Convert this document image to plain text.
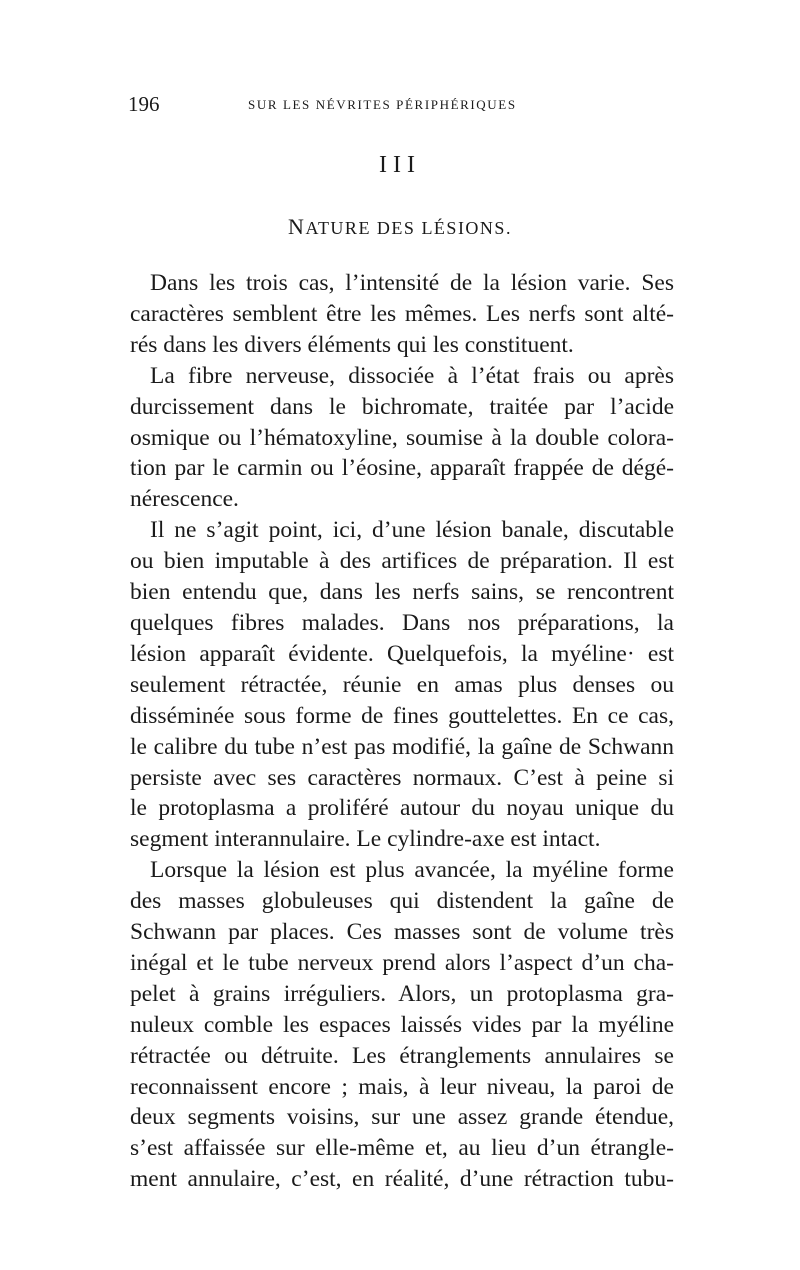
196	SUR LES NÉVRITES PÉRIPHÉRIQUES
III
NATURE DES LÉSIONS.

Dans les trois cas, l’intensité de la lésion varie. Ses
caractères semblent être les mêmes. Les nerfs sont alté-
rés dans les divers éléments qui les constituent.

La fibre nerveuse, dissociée à l’état frais ou après
durcissement dans le bichromate, traitée par l’acide
osmique ou l’hématoxyline, soumise à la double colora-
tion par le carmin ou l’éosine, apparaît frappée de dégé-
nérescence.

Il ne s’agit point, ici, d’une lésion banale, discutable
ou bien imputable à des artifices de préparation. Il est
bien entendu que, dans les nerfs sains, se rencontrent
quelques fibres malades. Dans nos préparations, la
lésion apparaît évidente. Quelquefois, la myéline· est
seulement rétractée, réunie en amas plus denses ou
disséminée sous forme de fines gouttelettes. En ce cas,
le calibre du tube n’est pas modifié, la gaîne de Schwann
persiste avec ses caractères normaux. C’est à peine si
le protoplasma a proliféré autour du noyau unique du
segment interannulaire. Le cylindre-axe est intact.

Lorsque la lésion est plus avancée, la myéline forme
des masses globuleuses qui distendent la gaîne de
Schwann par places. Ces masses sont de volume très
inégal et le tube nerveux prend alors l’aspect d’un cha-
pelet à grains irréguliers. Alors, un protoplasma gra-
nuleux comble les espaces laissés vides par la myéline
rétractée ou détruite. Les étranglements annulaires se
reconnaissent encore ; mais, à leur niveau, la paroi de
deux segments voisins, sur une assez grande étendue,
s’est affaissée sur elle-même et, au lieu d’un étrangle-
ment annulaire, c’est, en réalité, d’une rétraction tubu-
